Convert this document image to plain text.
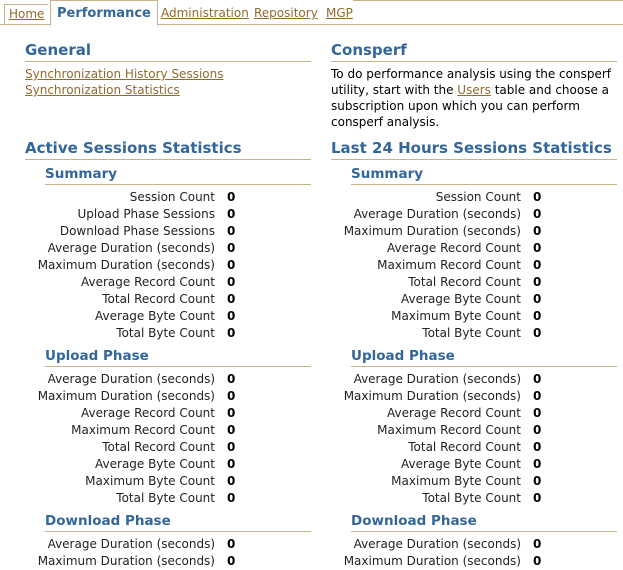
Home Performance Administration Repository MGP
General
Synchronization History Sessions
Synchronization Statistics
Active Sessions Statistics
Summary
Session Count	0
Upload Phase Sessions	0
Download Phase Sessions	0
Average Duration (seconds)	0
Maximum Duration (seconds)	0
Average Record Count	0
Total Record Count	0
Average Byte Count	0
Total Byte Count	0
Upload Phase
Average Duration (seconds)	0
Maximum Duration (seconds)	0
Average Record Count	0
Maximum Record Count	0
Total Record Count	0
Average Byte Count	0
Maximum Byte Count	0
Total Byte Count	0
Download Phase
Average Duration (seconds)	0
Maximum Duration (seconds)	0
Consperf
To do performance analysis using the consperf utility, start with the Users table and choose a subscription upon which you can perform consperf analysis.
Last 24 Hours Sessions Statistics
Summary
Session Count	0
Average Duration (seconds)	0
Maximum Duration (seconds)	0
Average Record Count	0
Maximum Record Count	0
Total Record Count	0
Average Byte Count	0
Maximum Byte Count	0
Total Byte Count	0
Upload Phase
Average Duration (seconds)	0
Maximum Duration (seconds)	0
Average Record Count	0
Maximum Record Count	0
Total Record Count	0
Average Byte Count	0
Maximum Byte Count	0
Total Byte Count	0
Download Phase
Average Duration (seconds)	0
Maximum Duration (seconds)	0
